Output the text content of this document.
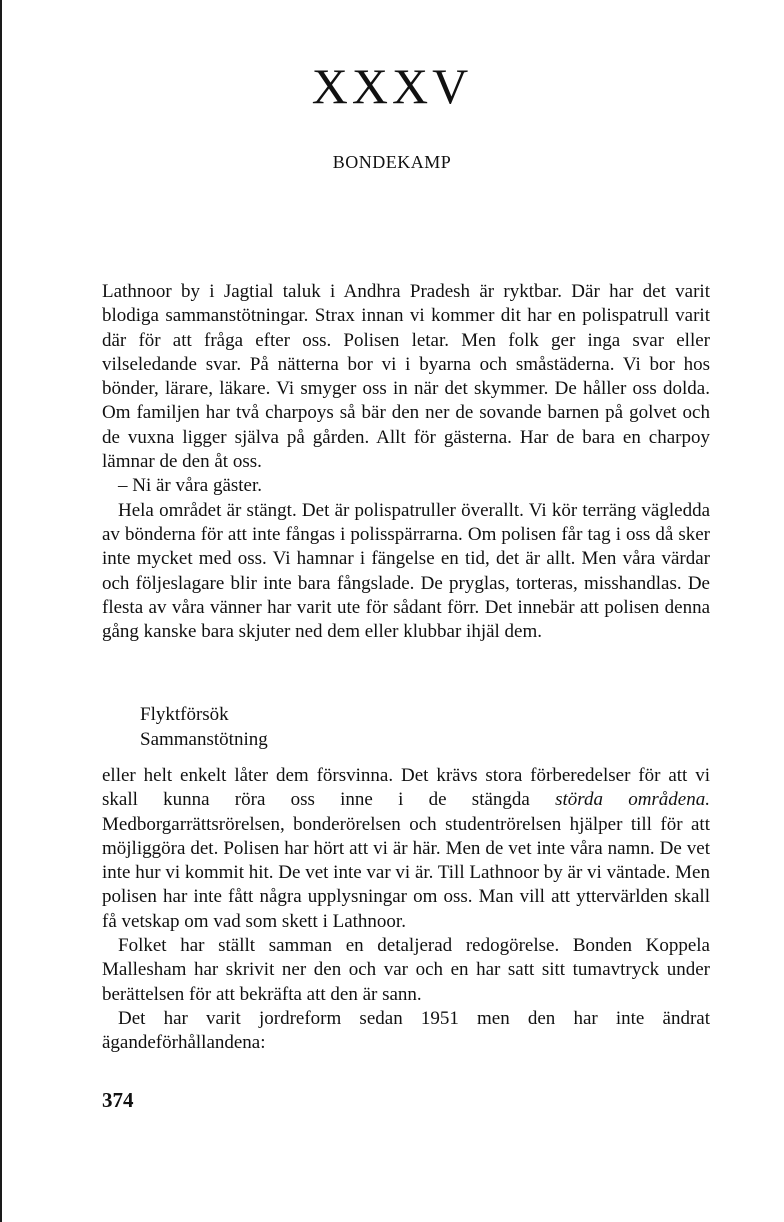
XXXV
BONDEKAMP

Lathnoor by i Jagtial taluk i Andhra Pradesh är ryktbar. Där har det varit blodiga sammanstötningar. Strax innan vi kommer dit har en polispatrull varit där för att fråga efter oss. Polisen letar. Men folk ger inga svar eller vilseledande svar. På nätterna bor vi i byarna och småstäderna. Vi bor hos bönder, lärare, läkare. Vi smyger oss in när det skymmer. De håller oss dolda. Om familjen har två charpoys så bär den ner de sovande barnen på golvet och de vuxna ligger själva på gården. Allt för gästerna. Har de bara en charpoy lämnar de den åt oss.

– Ni är våra gäster.

Hela området är stängt. Det är polispatruller överallt. Vi kör terräng vägledda av bönderna för att inte fångas i polisspärrarna. Om polisen får tag i oss då sker inte mycket med oss. Vi hamnar i fängelse en tid, det är allt. Men våra värdar och följeslagare blir inte bara fångslade. De pryglas, torteras, misshandlas. De flesta av våra vänner har varit ute för sådant förr. Det innebär att polisen denna gång kanske bara skjuter ned dem eller klubbar ihjäl dem.

Flyktförsök
Sammanstötning

eller helt enkelt låter dem försvinna. Det krävs stora förberedelser för att vi skall kunna röra oss inne i de stängda störda områdena. Medborgarrättsrörelsen, bonderörelsen och studentrörelsen hjälper till för att möjliggöra det. Polisen har hört att vi är här. Men de vet inte våra namn. De vet inte hur vi kommit hit. De vet inte var vi är. Till Lathnoor by är vi väntade. Men polisen har inte fått några upplysningar om oss. Man vill att yttervärlden skall få vetskap om vad som skett i Lathnoor.

Folket har ställt samman en detaljerad redogörelse. Bonden Koppela Mallesham har skrivit ner den och var och en har satt sitt tumavtryck under berättelsen för att bekräfta att den är sann.

Det har varit jordreform sedan 1951 men den har inte ändrat ägandeförhållandena:

374
